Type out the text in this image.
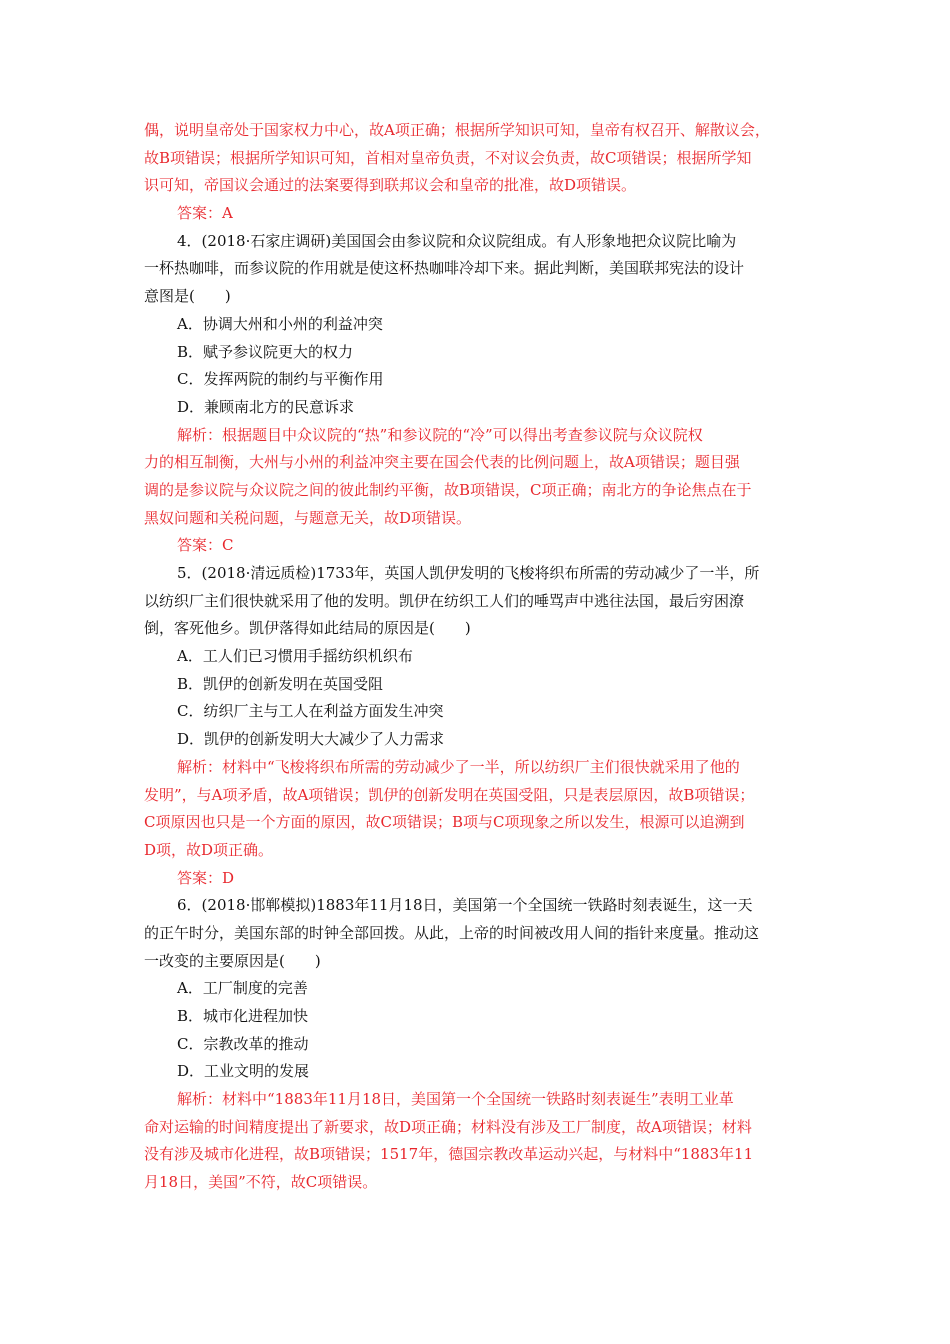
偶，说明皇帝处于国家权力中心，故A项正确；根据所学知识可知，皇帝有权召开、解散议会，
故B项错误；根据所学知识可知，首相对皇帝负责，不对议会负责，故C项错误；根据所学知
识可知，帝国议会通过的法案要得到联邦议会和皇帝的批准，故D项错误。
答案：A
4．(2018·石家庄调研)美国国会由参议院和众议院组成。有人形象地把众议院比喻为
一杯热咖啡，而参议院的作用就是使这杯热咖啡冷却下来。据此判断，美国联邦宪法的设计
意图是(　　)
A．协调大州和小州的利益冲突
B．赋予参议院更大的权力
C．发挥两院的制约与平衡作用
D．兼顾南北方的民意诉求
解析：根据题目中众议院的“热”和参议院的“冷”可以得出考查参议院与众议院权
力的相互制衡，大州与小州的利益冲突主要在国会代表的比例问题上，故A项错误；题目强
调的是参议院与众议院之间的彼此制约平衡，故B项错误，C项正确；南北方的争论焦点在于
黑奴问题和关税问题，与题意无关，故D项错误。
答案：C
5．(2018·清远质检)1733年，英国人凯伊发明的飞梭将织布所需的劳动减少了一半，所
以纺织厂主们很快就采用了他的发明。凯伊在纺织工人们的唾骂声中逃往法国，最后穷困潦
倒，客死他乡。凯伊落得如此结局的原因是(　　)
A．工人们已习惯用手摇纺织机织布
B．凯伊的创新发明在英国受阻
C．纺织厂主与工人在利益方面发生冲突
D．凯伊的创新发明大大减少了人力需求
解析：材料中“飞梭将织布所需的劳动减少了一半，所以纺织厂主们很快就采用了他的
发明”，与A项矛盾，故A项错误；凯伊的创新发明在英国受阻，只是表层原因，故B项错误；
C项原因也只是一个方面的原因，故C项错误；B项与C项现象之所以发生，根源可以追溯到
D项，故D项正确。
答案：D
6．(2018·邯郸模拟)1883年11月18日，美国第一个全国统一铁路时刻表诞生，这一天
的正午时分，美国东部的时钟全部回拨。从此，上帝的时间被改用人间的指针来度量。推动这
一改变的主要原因是(　　)
A．工厂制度的完善
B．城市化进程加快
C．宗教改革的推动
D．工业文明的发展
解析：材料中“1883年11月18日，美国第一个全国统一铁路时刻表诞生”表明工业革
命对运输的时间精度提出了新要求，故D项正确；材料没有涉及工厂制度，故A项错误；材料
没有涉及城市化进程，故B项错误；1517年，德国宗教改革运动兴起，与材料中“1883年11
月18日，美国”不符，故C项错误。
